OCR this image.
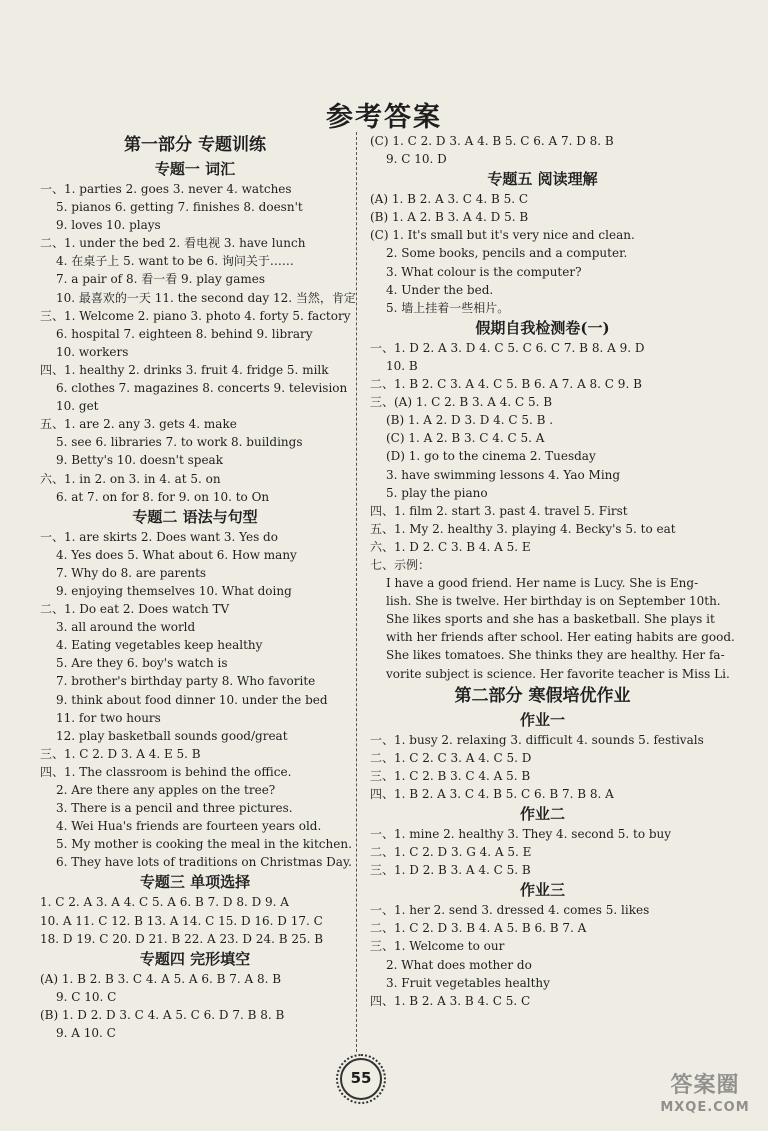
参考答案
第一部分 专题训练
专题一 词汇
一、1. parties 2. goes 3. never 4. watches
5. pianos 6. getting 7. finishes 8. doesn't
9. loves 10. plays
二、1. under the bed 2. 看电视 3. have lunch
4. 在桌子上 5. want to be 6. 询问关于……
7. a pair of 8. 看一看 9. play games
10. 最喜欢的一天 11. the second day 12. 当然，肯定
三、1. Welcome 2. piano 3. photo 4. forty 5. factory
6. hospital 7. eighteen 8. behind 9. library
10. workers
四、1. healthy 2. drinks 3. fruit 4. fridge 5. milk
6. clothes 7. magazines 8. concerts 9. television
10. get
五、1. are 2. any 3. gets 4. make
5. see 6. libraries 7. to work 8. buildings
9. Betty's 10. doesn't speak
六、1. in 2. on 3. in 4. at 5. on
6. at 7. on for 8. for 9. on 10. to On
专题二 语法与句型
一、1. are skirts 2. Does want 3. Yes do
4. Yes does 5. What about 6. How many
7. Why do 8. are parents
9. enjoying themselves 10. What doing
二、1. Do eat 2. Does watch TV
3. all around the world
4. Eating vegetables keep healthy
5. Are they 6. boy's watch is
7. brother's birthday party 8. Who favorite
9. think about food dinner 10. under the bed
11. for two hours
12. play basketball sounds good/great
三、1. C 2. D 3. A 4. E 5. B
四、1. The classroom is behind the office.
2. Are there any apples on the tree?
3. There is a pencil and three pictures.
4. Wei Hua's friends are fourteen years old.
5. My mother is cooking the meal in the kitchen.
6. They have lots of traditions on Christmas Day.
专题三 单项选择
1. C 2. A 3. A 4. C 5. A 6. B 7. D 8. D 9. A
10. A 11. C 12. B 13. A 14. C 15. D 16. D 17. C
18. D 19. C 20. D 21. B 22. A 23. D 24. B 25. B
专题四 完形填空
(A) 1. B 2. B 3. C 4. A 5. A 6. B 7. A 8. B
9. C 10. C
(B) 1. D 2. D 3. C 4. A 5. C 6. D 7. B 8. B
9. A 10. C
(C) 1. C 2. D 3. A 4. B 5. C 6. A 7. D 8. B
9. C 10. D
专题五 阅读理解
(A) 1. B 2. A 3. C 4. B 5. C
(B) 1. A 2. B 3. A 4. D 5. B
(C) 1. It's small but it's very nice and clean.
2. Some books, pencils and a computer.
3. What colour is the computer?
4. Under the bed.
5. 墙上挂着一些相片。
假期自我检测卷(一)
一、1. D 2. A 3. D 4. C 5. C 6. C 7. B 8. A 9. D
10. B
二、1. B 2. C 3. A 4. C 5. B 6. A 7. A 8. C 9. B
三、(A) 1. C 2. B 3. A 4. C 5. B
(B) 1. A 2. D 3. D 4. C 5. B .
(C) 1. A 2. B 3. C 4. C 5. A
(D) 1. go to the cinema 2. Tuesday
3. have swimming lessons 4. Yao Ming
5. play the piano
四、1. film 2. start 3. past 4. travel 5. First
五、1. My 2. healthy 3. playing 4. Becky's 5. to eat
六、1. D 2. C 3. B 4. A 5. E
七、示例：
I have a good friend. Her name is Lucy. She is Eng-
lish. She is twelve. Her birthday is on September 10th.
She likes sports and she has a basketball. She plays it
with her friends after school. Her eating habits are good.
She likes tomatoes. She thinks they are healthy. Her fa-
vorite subject is science. Her favorite teacher is Miss Li.
第二部分 寒假培优作业
作业一
一、1. busy 2. relaxing 3. difficult 4. sounds 5. festivals
二、1. C 2. C 3. A 4. C 5. D
三、1. C 2. B 3. C 4. A 5. B
四、1. B 2. A 3. C 4. B 5. C 6. B 7. B 8. A
作业二
一、1. mine 2. healthy 3. They 4. second 5. to buy
二、1. C 2. D 3. G 4. A 5. E
三、1. D 2. B 3. A 4. C 5. B
作业三
一、1. her 2. send 3. dressed 4. comes 5. likes
二、1. C 2. D 3. B 4. A 5. B 6. B 7. A
三、1. Welcome to our
2. What does mother do
3. Fruit vegetables healthy
四、1. B 2. A 3. B 4. C 5. C
55	答案圈
MXQE.COM
